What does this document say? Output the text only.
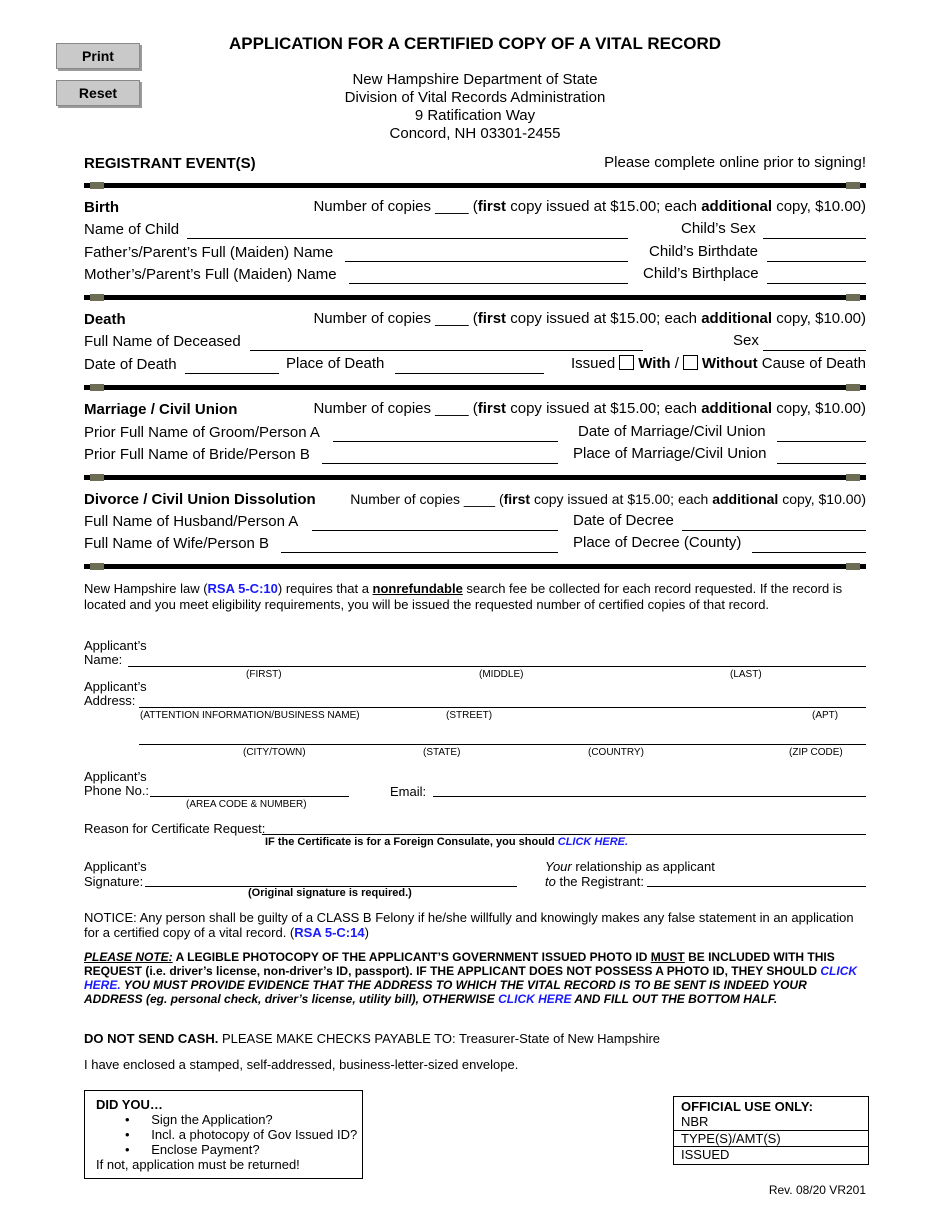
Print
Reset
APPLICATION FOR A CERTIFIED COPY OF A VITAL RECORD
New Hampshire Department of State
Division of Vital Records Administration
9 Ratification Way
Concord, NH 03301-2455
REGISTRANT EVENT(S)	Please complete online prior to signing!
Birth	Number of copies ____ (first copy issued at $15.00; each additional copy, $10.00)
Name of Child	Child’s Sex
Father’s/Parent’s Full (Maiden) Name	Child’s Birthdate
Mother’s/Parent’s Full (Maiden) Name	Child’s Birthplace
Death	Number of copies ____ (first copy issued at $15.00; each additional copy, $10.00)
Full Name of Deceased	Sex
Date of Death	Place of Death	Issued With / Without Cause of Death
Marriage / Civil Union	Number of copies ____ (first copy issued at $15.00; each additional copy, $10.00)
Prior Full Name of Groom/Person A	Date of Marriage/Civil Union
Prior Full Name of Bride/Person B	Place of Marriage/Civil Union
Divorce / Civil Union Dissolution	Number of copies ____ (first copy issued at $15.00; each additional copy, $10.00)
Full Name of Husband/Person A	Date of Decree
Full Name of Wife/Person B	Place of Decree (County)
New Hampshire law (RSA 5-C:10) requires that a nonrefundable search fee be collected for each record requested. If the record is located and you meet eligibility requirements, you will be issued the requested number of certified copies of that record.
Applicant’s
Name:
(FIRST)	(MIDDLE)	(LAST)
Applicant’s
Address:
(ATTENTION INFORMATION/BUSINESS NAME)	(STREET)	(APT)
(CITY/TOWN)	(STATE)	(COUNTRY)	(ZIP CODE)
Applicant’s
Phone No.:
(AREA CODE & NUMBER)
Email:
Reason for Certificate Request:
IF the Certificate is for a Foreign Consulate, you should CLICK HERE.
Applicant’s
Signature:
(Original signature is required.)
Your relationship as applicant
to the Registrant:
NOTICE: Any person shall be guilty of a CLASS B Felony if he/she willfully and knowingly makes any false statement in an application for a certified copy of a vital record. (RSA 5-C:14)
PLEASE NOTE: A LEGIBLE PHOTOCOPY OF THE APPLICANT’S GOVERNMENT ISSUED PHOTO ID MUST BE INCLUDED WITH THIS REQUEST (i.e. driver’s license, non-driver’s ID, passport). IF THE APPLICANT DOES NOT POSSESS A PHOTO ID, THEY SHOULD CLICK HERE. YOU MUST PROVIDE EVIDENCE THAT THE ADDRESS TO WHICH THE VITAL RECORD IS TO BE SENT IS INDEED YOUR ADDRESS (eg. personal check, driver’s license, utility bill), OTHERWISE CLICK HERE AND FILL OUT THE BOTTOM HALF.
DO NOT SEND CASH. PLEASE MAKE CHECKS PAYABLE TO: Treasurer-State of New Hampshire
I have enclosed a stamped, self-addressed, business-letter-sized envelope.
DID YOU…
•      Sign the Application?
•      Incl. a photocopy of Gov Issued ID?
•      Enclose Payment?
If not, application must be returned!
OFFICIAL USE ONLY:
NBR
TYPE(S)/AMT(S)
ISSUED
Rev. 08/20 VR201
